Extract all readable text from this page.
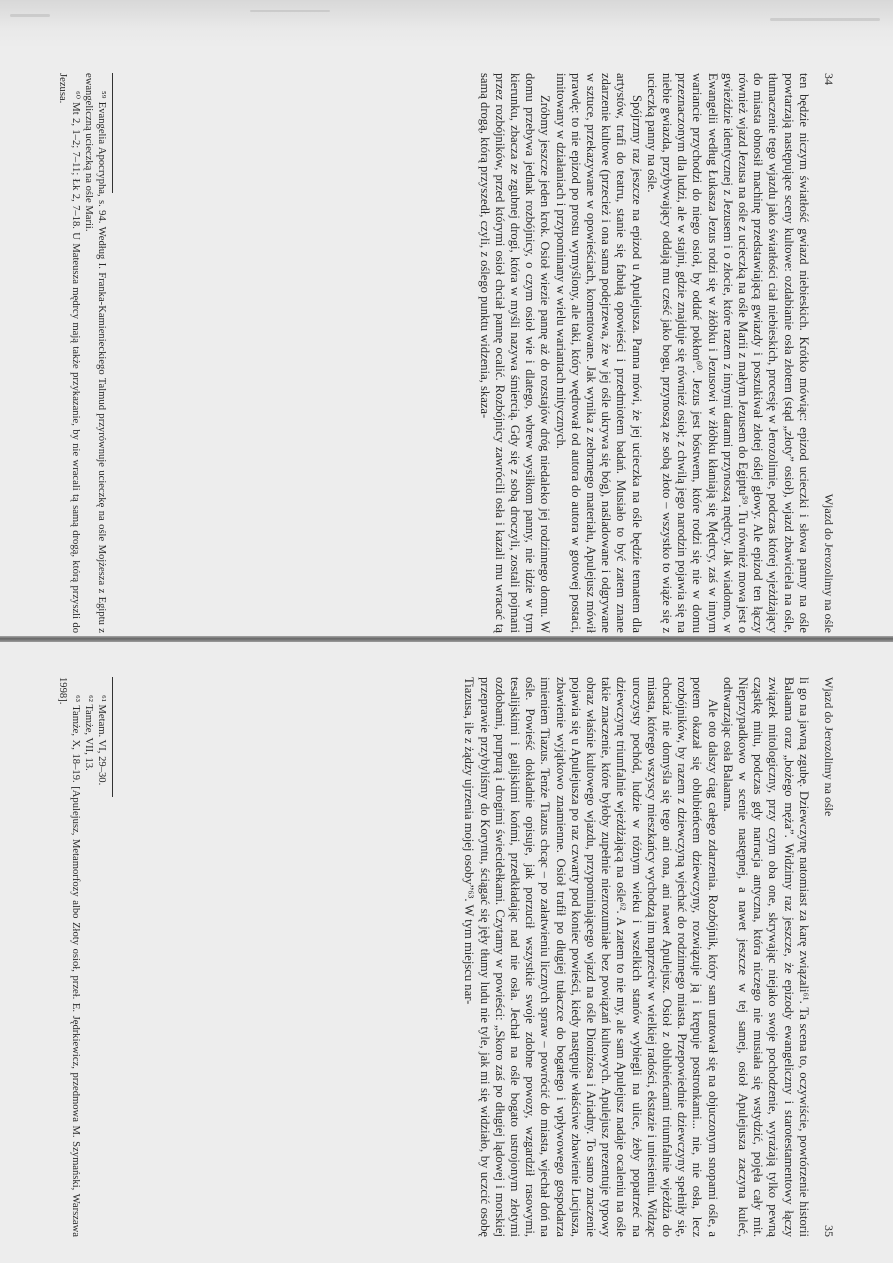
34
Wjazd do Jerozolimy na ośle

ten będzie niczym światłość gwiazd niebieskich. Krótko mówiąc: epizod ucieczki i słowa panny na ośle powtarzają następujące sceny kultowe: ozdabianie osła złotem (stąd „złoty” osioł), wjazd zbawiciela na ośle, tłumaczenie tego wjazdu jako światłości ciał niebieskich, procesję w Jerozolimie, podczas której wjeżdżający do miasta obnosił machinę przedstawiającą gwiazdy i poszukiwał złotej oślej głowy. Ale epizod ten łączy również wjazd Jezusa na ośle z ucieczką na ośle Marii z małym Jezusem do Egiptu⁵⁹. Tu również mowa jest o gwieździe identycznej z Jezusem i o złocie, które razem z innymi darami przynoszą mędrcy. Jak wiadomo, w Ewangelii według Łukasza Jezus rodzi się w żłóbku i Jezusowi w żłóbku kłaniają się Mędrcy, zaś w innym wariancie przychodzi do niego osioł, by oddać pokłon⁶⁰. Jezus jest bóstwem, które rodzi się nie w domu przeznaczonym dla ludzi, ale w stajni, gdzie znajduje się również osioł; z chwilą jego narodzin pojawia się na niebie gwiazda, przybywający oddają mu cześć jako bogu, przynoszą ze sobą złoto – wszystko to wiąże się z ucieczką panny na ośle.

Spójrzmy raz jeszcze na epizod u Apulejusza. Panna mówi, że jej ucieczka na ośle będzie tematem dla artystów, trafi do teatru, stanie się fabułą opowieści i przedmiotem badań. Musiało to być zatem znane zdarzenie kultowe (przecież i ona sama podejrzewa, że w jej ośle ukrywa się bóg), naśladowane i odgrywane w sztuce, przekazywane w opowieściach, komentowane. Jak wynika z zebranego materiału, Apulejusz mówił prawdę: to nie epizod po prostu wymyślony, ale taki, który wędrował od autora do autora w gotowej postaci, imitowany w działaniach i przypominany w wielu wariantach mitycznych.

Zróbmy jeszcze jeden krok. Osioł wiezie pannę aż do rozstajów dróg niedaleko jej rodzinnego domu. W domu przebywa jednak rozbójnicy, o czym osioł wie i dlatego, wbrew wysiłkom panny, nie idzie w tym kierunku, zbacza ze zgubnej drogi, która w myśli nazywa śmiercią. Gdy się z sobą droczyli, zostali pojmani przez rozbójników, przed którymi osioł chciał pannę ocalić. Rozbójnicy zawrócili osła i kazali mu wracać tą samą drogą, którą przyszedł, czyli, z oślego punktu widzenia, skaza-

⁵⁹ Evangelia Apocrypha, s. 94. Według I. Franka-Kamienieckiego Talmud przyrównuje ucieczkę na ośle Mojżesza z Egiptu z ewangeliczną ucieczką na ośle Marii.

⁶⁰ Mt 2, 1–2; 7–11; Łk 2, 7–18. U Mateusza mędrcy mają także przykazanie, by nie wracali tą samą drogą, którą przyszli do Jezusa.

Wjazd do Jerozolimy na ośle
35

li go na jawną zgubę. Dziewczynę natomiast za karę związali⁶¹. Ta scena to, oczywiście, powtórzenie historii Balaama oraz „bożego męża”. Widzimy raz jeszcze, że epizody ewangeliczny i starotestamentowy łączy związek mitologiczny, przy czym oba one, skrywając niejako swoje pochodzenie, wyrażają tylko pewną cząstkę mitu, podczas gdy narracja antyczna, która niczego nie musiała się wstydzić, pojęła cały mit. Nieprzypadkowo w scenie następnej, a nawet jeszcze w tej samej, osioł Apulejusza zaczyna kuleć, odtwarzając osła Balaama.

Ale oto dalszy ciąg całego zdarzenia. Rozbójnik, który sam uratował się na objuczonym snopami ośle, a potem okazał się oblubieńcem dziewczyny, rozwiązuje ją i krępuje postronkami... nie, nie osła, lecz rozbójników, by razem z dziewczyną wjechać do rodzinnego miasta. Przepowiednie dziewczyny spełniły się, chociaż nie domyśla się tego ani ona, ani nawet Apulejusz. Osioł z oblubieńcami triumfalnie wjeżdża do miasta, którego wszyscy mieszkańcy wychodzą im naprzeciw w wielkiej radości, ekstazie i uniesieniu. Widząc uroczysty pochód, ludzie w różnym wieku i wszelkich stanów wybiegli na ulice, żeby popatrzeć na dziewczynę triumfalnie wjeżdżającą na ośle⁶². A zatem to nie my, ale sam Apulejusz nadaje ocaleniu na ośle takie znaczenie, które byłoby zupełnie niezrozumiałe bez powiązań kultowych. Apulejusz prezentuje typowy obraz właśnie kultowego wjazdu, przypominającego wjazd na ośle Dionizosa i Ariadny. To samo znaczenie pojawia się u Apulejusza po raz czwarty pod koniec powieści, kiedy następuje właściwe zbawienie Lucjusza, zbawienie wyjątkowo znamienne. Osioł trafił po długiej tułaczce do bogatego i wpływowego gospodarza imieniem Tiazus. Tenże Tiazus chcąc – po załatwieniu licznych spraw – powrócić do miasta, wjechał doń na ośle. Powieść dokładnie opisuje, jak porzucił wszystkie swoje zdobne powozy, wzgardził rasowymi, tesalijskimi i galijskimi końmi, przedkładając nad nie osła. Jechał na ośle bogato ustrojonym złotymi ozdobami, purpurą i drogimi świecidełkami. Czytamy w powieści: „Skoro zaś po długiej lądowej i morskiej przeprawie przybyliśmy do Koryntu, ściągać się jęły tłumy ludu nie tyle, jak mi się widziało, by uczcić osobę Tiazusa, ile z żądzy ujrzenia mojej osoby”⁶³. W tym miejscu nar-

⁶¹ Metam. VI, 29–30.

⁶² Tamże, VII, 13.

⁶³ Tamże, X, 18–19. [Apulejusz, Metamorfozy albo Złoty osioł, przeł. E. Jędrkiewicz, przedmowa M. Szymański, Warszawa 1998].
